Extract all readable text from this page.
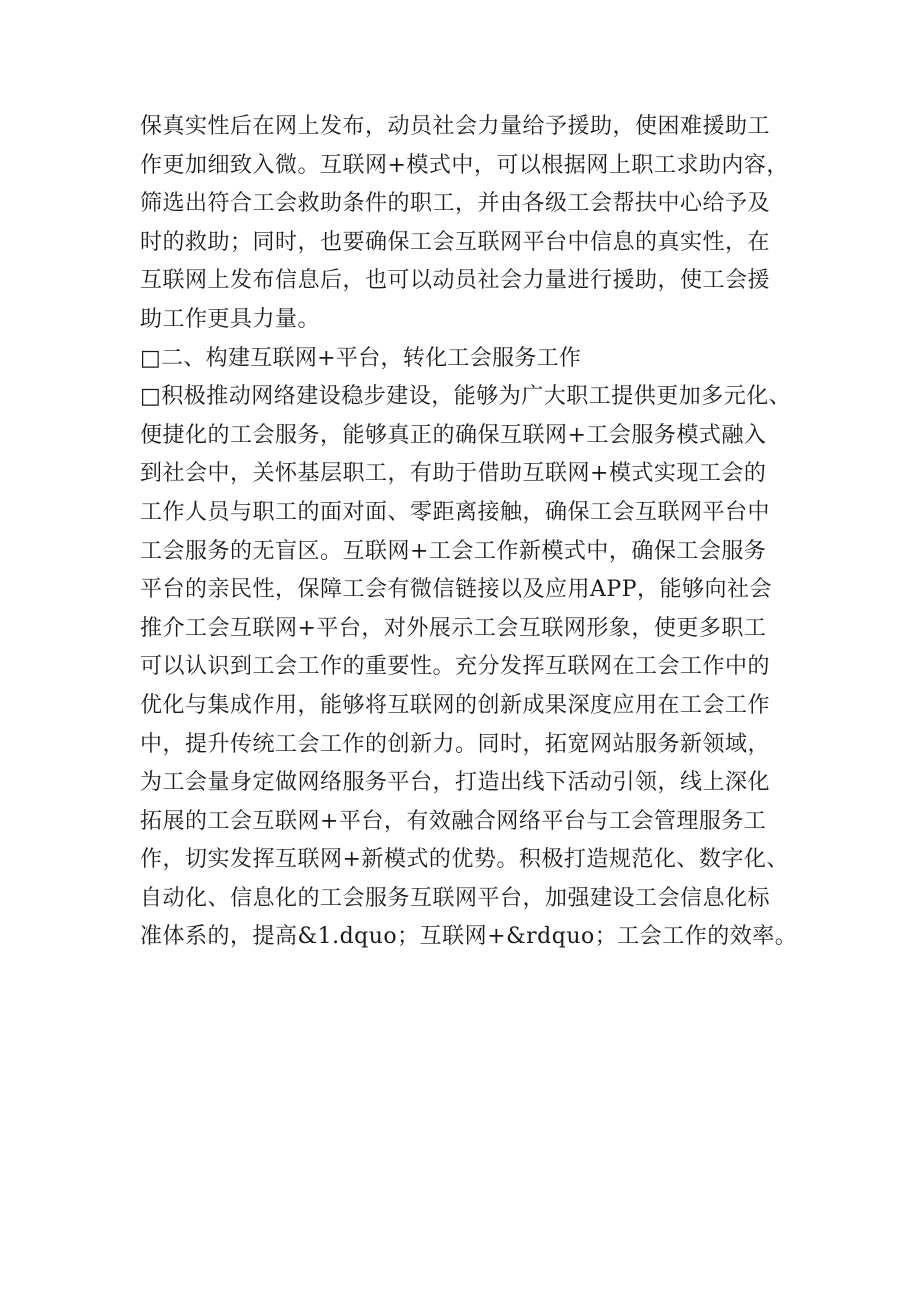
保真实性后在网上发布，动员社会力量给予援助，使困难援助工
作更加细致入微。互联网+模式中，可以根据网上职工求助内容，
筛选出符合工会救助条件的职工，并由各级工会帮扶中心给予及
时的救助；同时，也要确保工会互联网平台中信息的真实性，在
互联网上发布信息后，也可以动员社会力量进行援助，使工会援
助工作更具力量。
□二、构建互联网+平台，转化工会服务工作
□积极推动网络建设稳步建设，能够为广大职工提供更加多元化、
便捷化的工会服务，能够真正的确保互联网+工会服务模式融入
到社会中，关怀基层职工，有助于借助互联网+模式实现工会的
工作人员与职工的面对面、零距离接触，确保工会互联网平台中
工会服务的无盲区。互联网+工会工作新模式中，确保工会服务
平台的亲民性，保障工会有微信链接以及应用APP，能够向社会
推介工会互联网+平台，对外展示工会互联网形象，使更多职工
可以认识到工会工作的重要性。充分发挥互联网在工会工作中的
优化与集成作用，能够将互联网的创新成果深度应用在工会工作
中，提升传统工会工作的创新力。同时，拓宽网站服务新领域，
为工会量身定做网络服务平台，打造出线下活动引领，线上深化
拓展的工会互联网+平台，有效融合网络平台与工会管理服务工
作，切实发挥互联网+新模式的优势。积极打造规范化、数字化、
自动化、信息化的工会服务互联网平台，加强建设工会信息化标
准体系的，提高&1.dquo；互联网+&rdquo；工会工作的效率。
